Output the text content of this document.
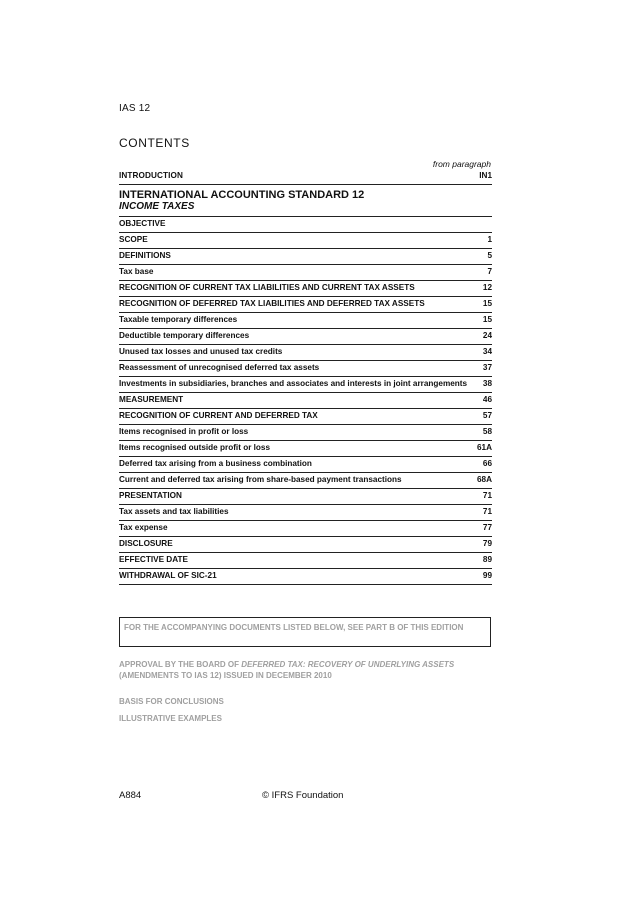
IAS 12
CONTENTS
from paragraph
INTRODUCTION	IN1
INTERNATIONAL ACCOUNTING STANDARD 12
INCOME TAXES
OBJECTIVE
SCOPE	1
DEFINITIONS	5
Tax base	7
RECOGNITION OF CURRENT TAX LIABILITIES AND CURRENT TAX ASSETS	12
RECOGNITION OF DEFERRED TAX LIABILITIES AND DEFERRED TAX ASSETS	15
Taxable temporary differences	15
Deductible temporary differences	24
Unused tax losses and unused tax credits	34
Reassessment of unrecognised deferred tax assets	37
Investments in subsidiaries, branches and associates and interests in joint arrangements	38
MEASUREMENT	46
RECOGNITION OF CURRENT AND DEFERRED TAX	57
Items recognised in profit or loss	58
Items recognised outside profit or loss	61A
Deferred tax arising from a business combination	66
Current and deferred tax arising from share-based payment transactions	68A
PRESENTATION	71
Tax assets and tax liabilities	71
Tax expense	77
DISCLOSURE	79
EFFECTIVE DATE	89
WITHDRAWAL OF SIC-21	99
FOR THE ACCOMPANYING DOCUMENTS LISTED BELOW, SEE PART B OF THIS EDITION
APPROVAL BY THE BOARD OF DEFERRED TAX: RECOVERY OF UNDERLYING ASSETS (AMENDMENTS TO IAS 12) ISSUED IN DECEMBER 2010
BASIS FOR CONCLUSIONS
ILLUSTRATIVE EXAMPLES
A884	© IFRS Foundation
